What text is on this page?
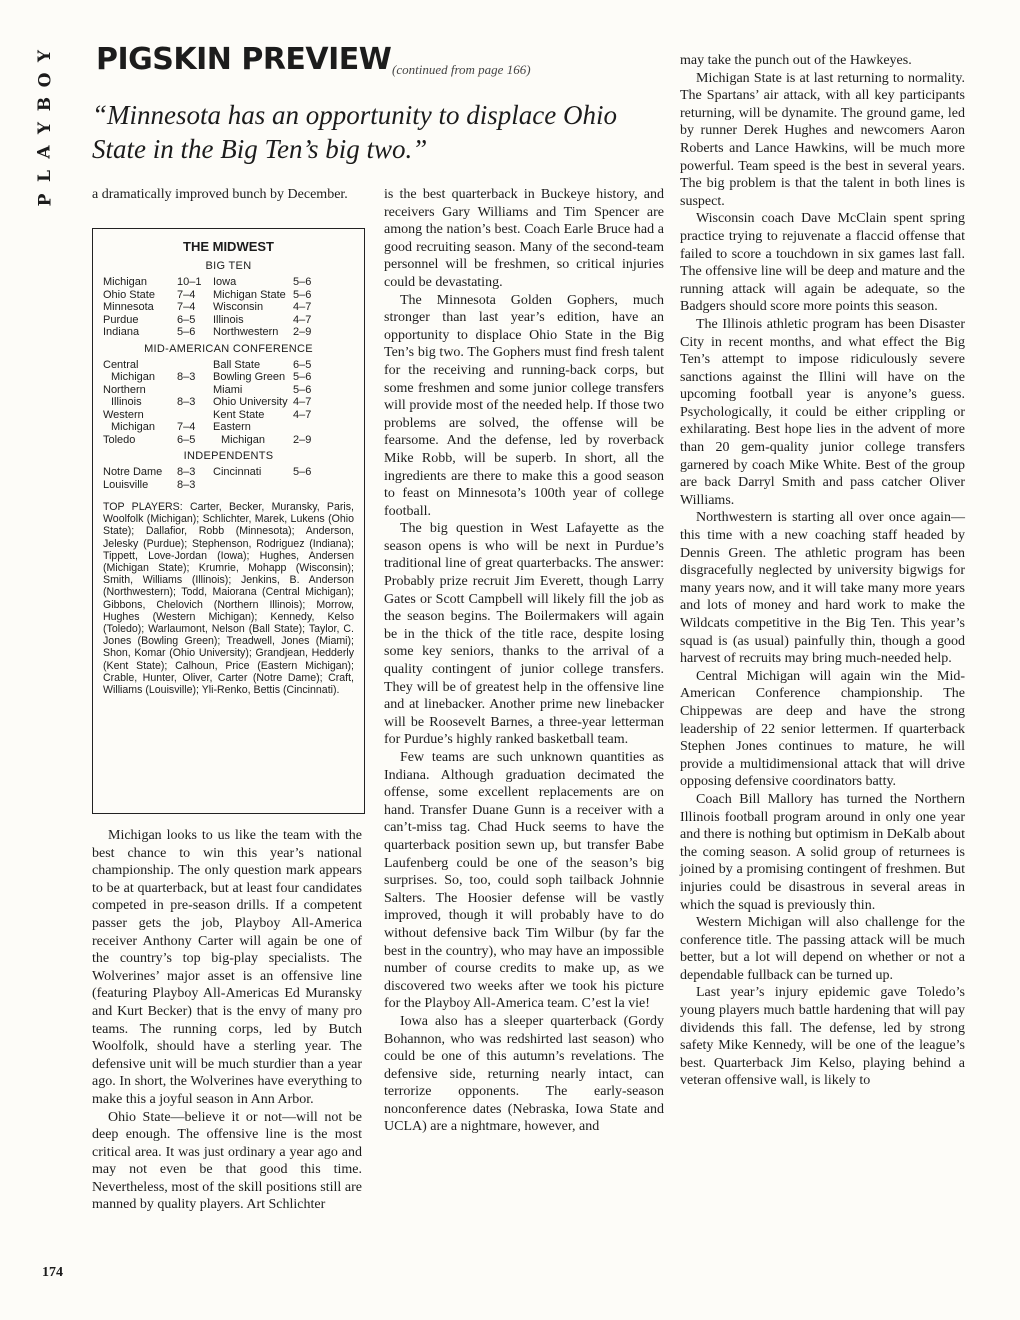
Y
O
B
Y
A
L
P
PIGSKIN PREVIEW (continued from page 166)
“Minnesota has an opportunity to displace Ohio State in the Big Ten’s big two.”

a dramatically improved bunch by December.

THE MIDWEST
BIG TEN
Michigan	10–1	Iowa	5–6
Ohio State	7–4	Michigan State 5–6
Minnesota	7–4	Wisconsin	4–7
Purdue	6–5	Illinois	4–7
Indiana	5–6	Northwestern	2–9
MID-AMERICAN CONFERENCE
Central	Ball State	6–5
Michigan	8–3	Bowling Green 5–6
Northern	Miami	5–6
Illinois	8–3	Ohio University 4–7
Western	Kent State	4–7
Michigan	7–4	Eastern
Toledo	6–5	Michigan	2–9
INDEPENDENTS
Notre Dame	8–3	Cincinnati	5–6
Louisville	8–3
TOP PLAYERS: Carter, Becker, Muransky, Paris, Woolfolk (Michigan); Schlichter, Marek, Lukens (Ohio State); Dallafior, Robb (Minnesota); Anderson, Jelesky (Purdue); Stephenson, Rodriguez (Indiana); Tippett, Love-Jordan (Iowa); Hughes, Andersen (Michigan State); Krumrie, Mohapp (Wisconsin); Smith, Williams (Illinois); Jenkins, B. Anderson (Northwestern); Todd, Maiorana (Central Michigan); Gibbons, Chelovich (Northern Illinois); Morrow, Hughes (Western Michigan); Kennedy, Kelso (Toledo); Warlaumont, Nelson (Ball State); Taylor, C. Jones (Bowling Green); Treadwell, Jones (Miami); Shon, Komar (Ohio University); Grandjean, Hedderly (Kent State); Calhoun, Price (Eastern Michigan); Crable, Hunter, Oliver, Carter (Notre Dame); Craft, Williams (Louisville); Yli-Renko, Bettis (Cincinnati).

Michigan looks to us like the team with the best chance to win this year’s national championship. The only question mark appears to be at quarterback, but at least four candidates competed in pre-season drills. If a competent passer gets the job, Playboy All-America receiver Anthony Carter will again be one of the country’s top big-play specialists. The Wolverines’ major asset is an offensive line (featuring Playboy All-Americas Ed Muransky and Kurt Becker) that is the envy of many pro teams. The running corps, led by Butch Woolfolk, should have a sterling year. The defensive unit will be much sturdier than a year ago. In short, the Wolverines have everything to make this a joyful season in Ann Arbor.

Ohio State—believe it or not—will not be deep enough. The offensive line is the most critical area. It was just ordinary a year ago and may not even be that good this time. Nevertheless, most of the skill positions still are manned by quality players. Art Schlichter

is the best quarterback in Buckeye history, and receivers Gary Williams and Tim Spencer are among the nation’s best. Coach Earle Bruce had a good recruiting season. Many of the second-team personnel will be freshmen, so critical injuries could be devastating.

The Minnesota Golden Gophers, much stronger than last year’s edition, have an opportunity to displace Ohio State in the Big Ten’s big two. The Gophers must find fresh talent for the receiving and running-back corps, but some freshmen and some junior college transfers will provide most of the needed help. If those two problems are solved, the offense will be fearsome. And the defense, led by roverback Mike Robb, will be superb. In short, all the ingredients are there to make this a good season to feast on Minnesota’s 100th year of college football.

The big question in West Lafayette as the season opens is who will be next in Purdue’s traditional line of great quarterbacks. The answer: Probably prize recruit Jim Everett, though Larry Gates or Scott Campbell will likely fill the job as the season begins. The Boilermakers will again be in the thick of the title race, despite losing some key seniors, thanks to the arrival of a quality contingent of junior college transfers. They will be of greatest help in the offensive line and at linebacker. Another prime new linebacker will be Roosevelt Barnes, a three-year letterman for Purdue’s highly ranked basketball team.

Few teams are such unknown quantities as Indiana. Although graduation decimated the offense, some excellent replacements are on hand. Transfer Duane Gunn is a receiver with a can’t-miss tag. Chad Huck seems to have the quarterback position sewn up, but transfer Babe Laufenberg could be one of the season’s big surprises. So, too, could soph tailback Johnnie Salters. The Hoosier defense will be vastly improved, though it will probably have to do without defensive back Tim Wilbur (by far the best in the country), who may have an impossible number of course credits to make up, as we discovered two weeks after we took his picture for the Playboy All-America team. C’est la vie!

Iowa also has a sleeper quarterback (Gordy Bohannon, who was redshirted last season) who could be one of this autumn’s revelations. The defensive side, returning nearly intact, can terrorize opponents. The early-season nonconference dates (Nebraska, Iowa State and UCLA) are a nightmare, however, and

may take the punch out of the Hawkeyes.

Michigan State is at last returning to normality. The Spartans’ air attack, with all key participants returning, will be dynamite. The ground game, led by runner Derek Hughes and newcomers Aaron Roberts and Lance Hawkins, will be much more powerful. Team speed is the best in several years. The big problem is that the talent in both lines is suspect.

Wisconsin coach Dave McClain spent spring practice trying to rejuvenate a flaccid offense that failed to score a touchdown in six games last fall. The offensive line will be deep and mature and the running attack will again be adequate, so the Badgers should score more points this season.

The Illinois athletic program has been Disaster City in recent months, and what effect the Big Ten’s attempt to impose ridiculously severe sanctions against the Illini will have on the upcoming football year is anyone’s guess. Psychologically, it could be either crippling or exhilarating. Best hope lies in the advent of more than 20 gem-quality junior college transfers garnered by coach Mike White. Best of the group are back Darryl Smith and pass catcher Oliver Williams.

Northwestern is starting all over once again—this time with a new coaching staff headed by Dennis Green. The athletic program has been disgracefully neglected by university bigwigs for many years now, and it will take many more years and lots of money and hard work to make the Wildcats competitive in the Big Ten. This year’s squad is (as usual) painfully thin, though a good harvest of recruits may bring much-needed help.

Central Michigan will again win the Mid-American Conference championship. The Chippewas are deep and have the strong leadership of 22 senior lettermen. If quarterback Stephen Jones continues to mature, he will provide a multidimensional attack that will drive opposing defensive coordinators batty.

Coach Bill Mallory has turned the Northern Illinois football program around in only one year and there is nothing but optimism in DeKalb about the coming season. A solid group of returnees is joined by a promising contingent of freshmen. But injuries could be disastrous in several areas in which the squad is previously thin.

Western Michigan will also challenge for the conference title. The passing attack will be much better, but a lot will depend on whether or not a dependable fullback can be turned up.

Last year’s injury epidemic gave Toledo’s young players much battle hardening that will pay dividends this fall. The defense, led by strong safety Mike Kennedy, will be one of the league’s best. Quarterback Jim Kelso, playing behind a veteran offensive wall, is likely to

174
